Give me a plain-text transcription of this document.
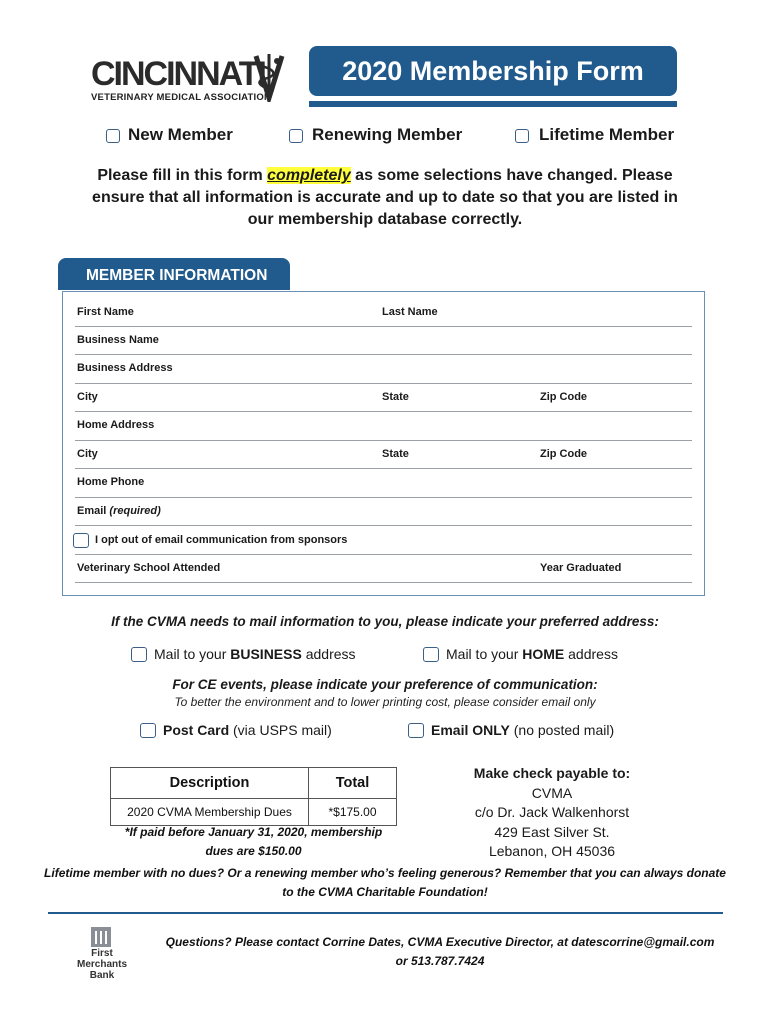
CINCINNATI
VETERINARY MEDICAL ASSOCIATION
2020 Membership Form
New Member	Renewing Member	Lifetime Member
Please fill in this form completely as some selections have changed. Please ensure that all information is accurate and up to date so that you are listed in our membership database correctly.
MEMBER INFORMATION
First Name	Last Name
Business Name
Business Address
City	State	Zip Code
Home Address
City	State	Zip Code
Home Phone
Email (required)
I opt out of email communication from sponsors
Veterinary School Attended	Year Graduated
If the CVMA needs to mail information to you, please indicate your preferred address:
Mail to your BUSINESS address	Mail to your HOME address
For CE events, please indicate your preference of communication:
To better the environment and to lower printing cost, please consider email only
Post Card (via USPS mail)	Email ONLY (no posted mail)
Description	Total
2020 CVMA Membership Dues	*$175.00
*If paid before January 31, 2020, membership dues are $150.00
Make check payable to:
CVMA
c/o Dr. Jack Walkenhorst
429 East Silver St.
Lebanon, OH 45036
Lifetime member with no dues? Or a renewing member who’s feeling generous? Remember that you can always donate to the CVMA Charitable Foundation!
First Merchants
Bank
Questions? Please contact Corrine Dates, CVMA Executive Director, at datescorrine@gmail.com
or 513.787.7424
